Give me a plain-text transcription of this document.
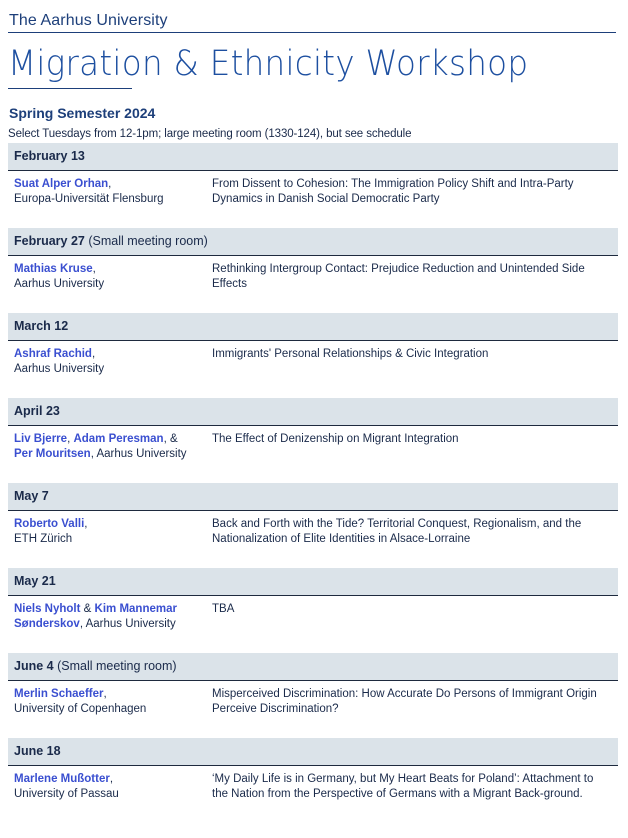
The Aarhus University
Migration & Ethnicity Workshop
Spring Semester 2024
Select Tuesdays from 12-1pm; large meeting room (1330-124), but see schedule
February 13
Suat Alper Orhan,
Europa-Universität Flensburg
From Dissent to Cohesion: The Immigration Policy Shift and Intra-Party Dynamics in Danish Social Democratic Party
February 27 (Small meeting room)
Mathias Kruse,
Aarhus University
Rethinking Intergroup Contact: Prejudice Reduction and Unintended Side Effects
March 12
Ashraf Rachid,
Aarhus University
Immigrants' Personal Relationships & Civic Integration
April 23
Liv Bjerre, Adam Peresman, &
Per Mouritsen, Aarhus University
The Effect of Denizenship on Migrant Integration
May 7
Roberto Valli,
ETH Zürich
Back and Forth with the Tide? Territorial Conquest, Regionalism, and the Nationalization of Elite Identities in Alsace-Lorraine
May 21
Niels Nyholt & Kim Mannemar
Sønderskov, Aarhus University
TBA
June 4 (Small meeting room)
Merlin Schaeffer,
University of Copenhagen
Misperceived Discrimination: How Accurate Do Persons of Immigrant Origin Perceive Discrimination?
June 18
Marlene Mußotter,
University of Passau
‘My Daily Life is in Germany, but My Heart Beats for Poland’: Attachment to the Nation from the Perspective of Germans with a Migrant Back-ground.
